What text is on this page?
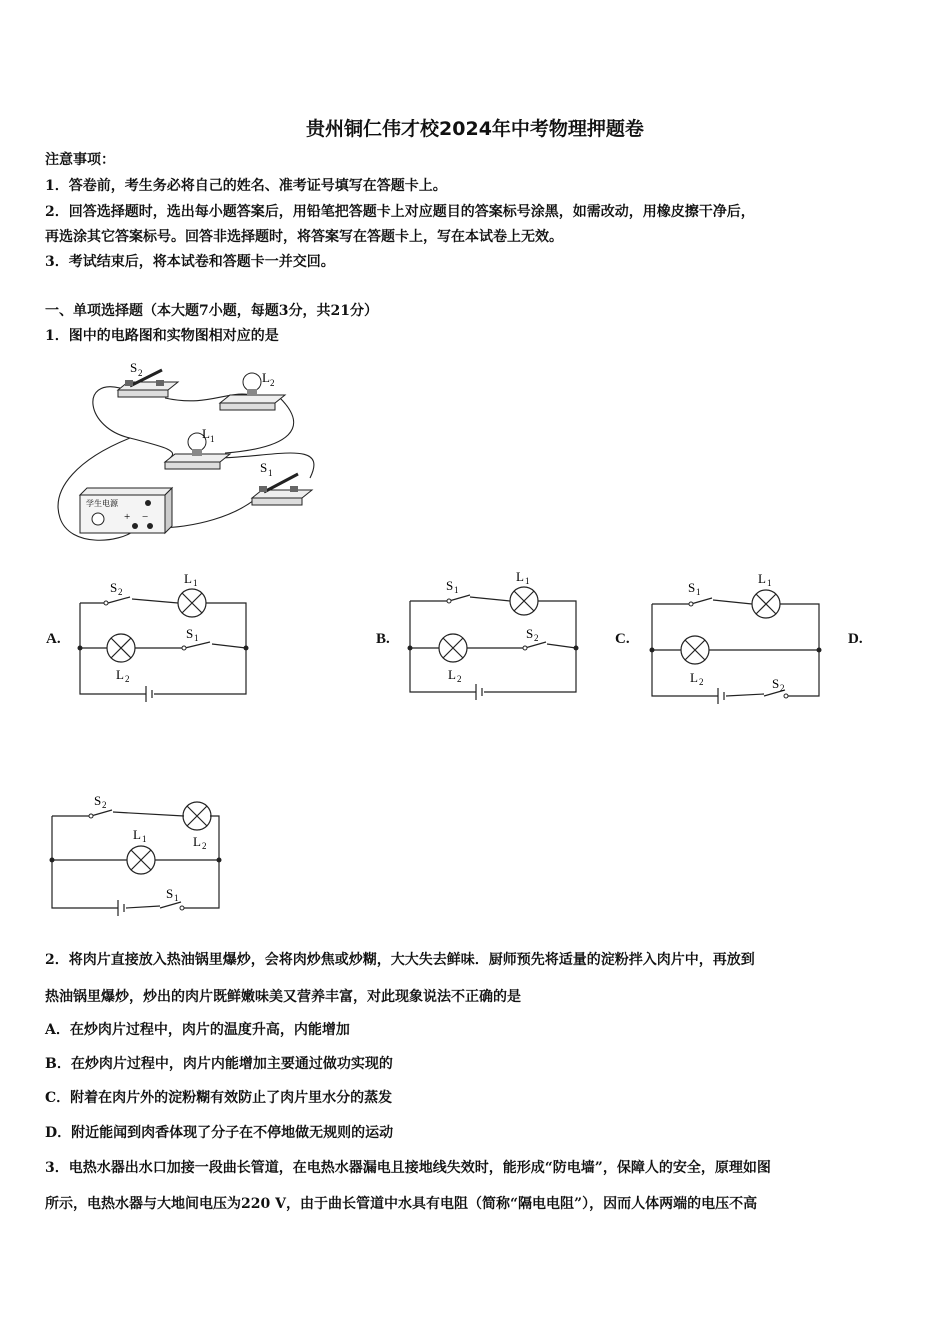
贵州铜仁伟才校2024年中考物理押题卷
注意事项：
1．答卷前，考生务必将自己的姓名、准考证号填写在答题卡上。
2．回答选择题时，选出每小题答案后，用铅笔把答题卡上对应题目的答案标号涂黑，如需改动，用橡皮擦干净后，
再选涂其它答案标号。回答非选择题时，将答案写在答题卡上，写在本试卷上无效。
3．考试结束后，将本试卷和答题卡一并交回。
一、单项选择题（本大题7小题，每题3分，共21分）
1．图中的电路图和实物图相对应的是
S 2	L 2
L 1
S 1
学生电源
+ −
A.	B.	C.	D.
S 2
L 1
S 1
L 2
S 1
L 1
S 2
L 2
S 1
L 1
L 2	S 2
S 2
L 1	L 2
S 1
2．将肉片直接放入热油锅里爆炒，会将肉炒焦或炒糊，大大失去鲜味．厨师预先将适量的淀粉拌入肉片中，再放到
热油锅里爆炒，炒出的肉片既鲜嫩味美又营养丰富，对此现象说法不正确的是
A．在炒肉片过程中，肉片的温度升高，内能增加
B．在炒肉片过程中，肉片内能增加主要通过做功实现的
C．附着在肉片外的淀粉糊有效防止了肉片里水分的蒸发
D．附近能闻到肉香体现了分子在不停地做无规则的运动
3．电热水器出水口加接一段曲长管道，在电热水器漏电且接地线失效时，能形成“防电墙”，保障人的安全，原理如图
所示，电热水器与大地间电压为220 V，由于曲长管道中水具有电阻（简称“隔电电阻”），因而人体两端的电压不高
